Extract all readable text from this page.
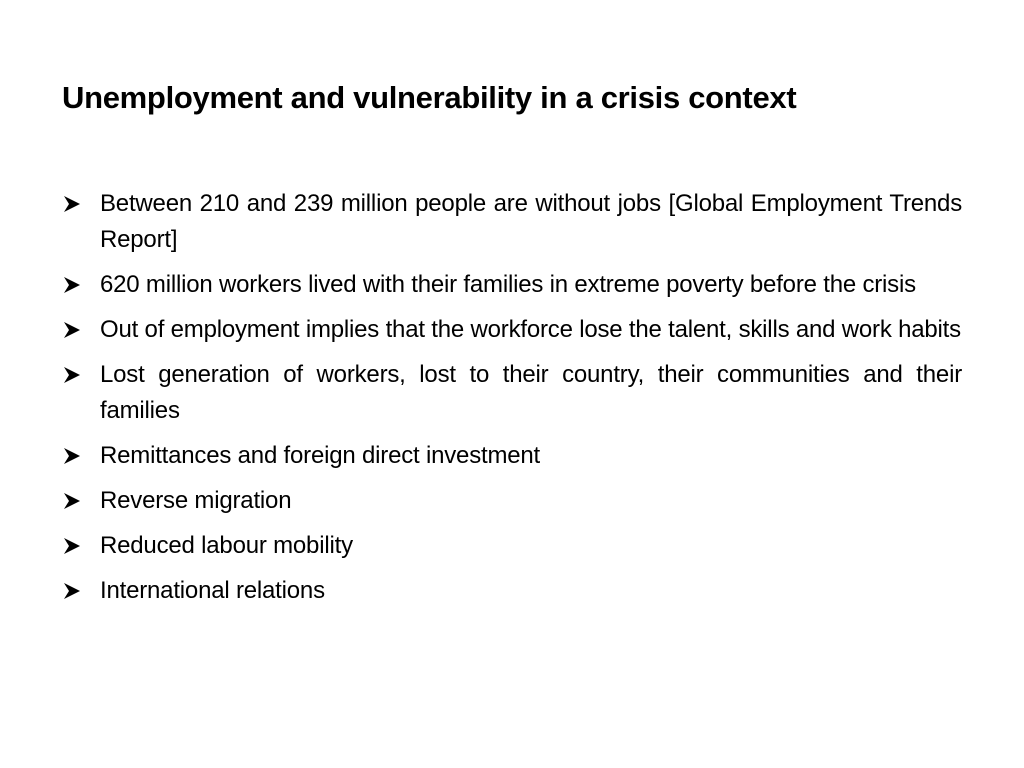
Unemployment and vulnerability in a crisis context
Between 210 and 239 million people are without jobs [Global Employment Trends Report]
620 million workers lived with their families in extreme poverty before the crisis
Out of employment implies that the workforce lose the talent, skills and work habits
Lost generation of workers, lost to their country, their communities and their families
Remittances and foreign direct investment
Reverse migration
Reduced labour mobility
International relations
